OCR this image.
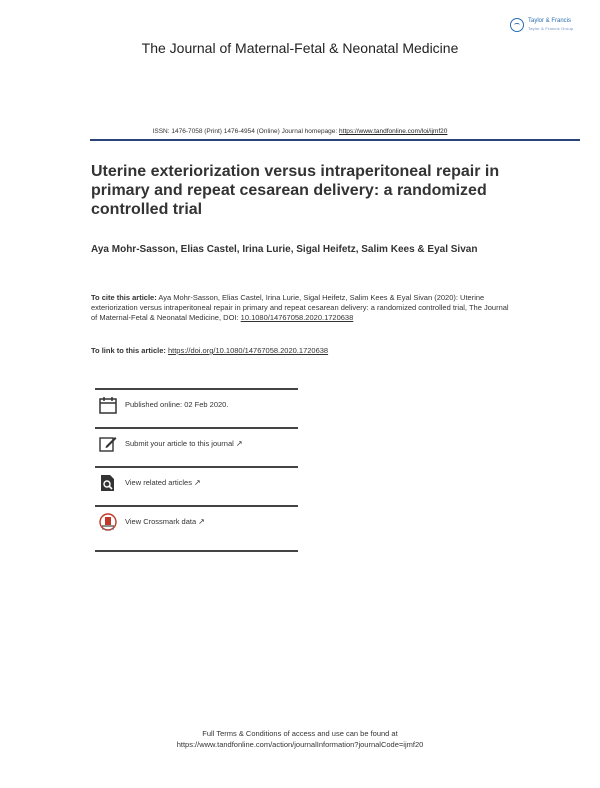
Taylor & Francis
Taylor & Francis Group
The Journal of Maternal-Fetal & Neonatal Medicine
ISSN: 1476-7058 (Print) 1476-4954 (Online) Journal homepage: https://www.tandfonline.com/loi/ijmf20
Uterine exteriorization versus intraperitoneal repair in primary and repeat cesarean delivery: a randomized controlled trial
Aya Mohr-Sasson, Elias Castel, Irina Lurie, Sigal Heifetz, Salim Kees & Eyal Sivan
To cite this article: Aya Mohr-Sasson, Elias Castel, Irina Lurie, Sigal Heifetz, Salim Kees & Eyal Sivan (2020): Uterine exteriorization versus intraperitoneal repair in primary and repeat cesarean delivery: a randomized controlled trial, The Journal of Maternal-Fetal & Neonatal Medicine, DOI: 10.1080/14767058.2020.1720638
To link to this article: https://doi.org/10.1080/14767058.2020.1720638
Published online: 02 Feb 2020.
Submit your article to this journal ↗
View related articles ↗
View Crossmark data ↗
Full Terms & Conditions of access and use can be found at
https://www.tandfonline.com/action/journalInformation?journalCode=ijmf20
